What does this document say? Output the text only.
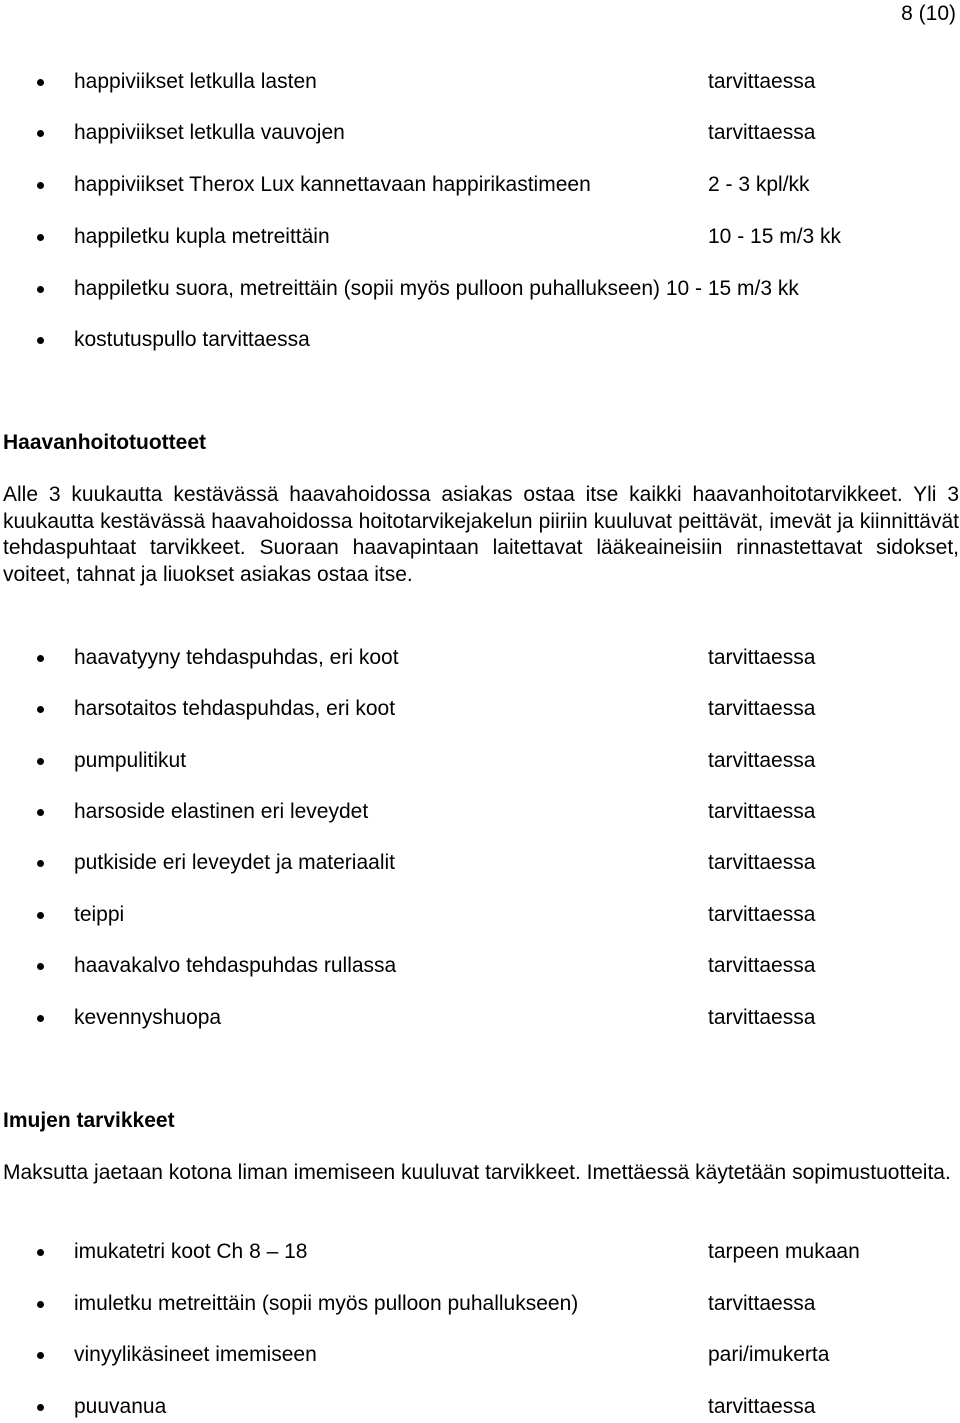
8 (10)
happiviikset letkulla lasten	tarvittaessa
happiviikset letkulla vauvojen	tarvittaessa
happiviikset Therox Lux kannettavaan happirikastimeen	2 - 3 kpl/kk
happiletku kupla metreittäin	10 - 15 m/3 kk
happiletku suora, metreittäin (sopii myös pulloon puhallukseen) 10 - 15 m/3 kk
kostutuspullo tarvittaessa
Haavanhoitotuotteet

Alle 3 kuukautta kestävässä haavahoidossa asiakas ostaa itse kaikki haavanhoitotarvikkeet. Yli 3 kuukautta kestävässä haavahoidossa hoitotarvikejakelun piiriin kuuluvat peittävät, imevät ja kiinnittävät tehdaspuhtaat tarvikkeet. Suoraan haavapintaan laitettavat lääkeaineisiin rinnastettavat sidokset, voiteet, tahnat ja liuokset asiakas ostaa itse.

haavatyyny tehdaspuhdas, eri koot	tarvittaessa
harsotaitos tehdaspuhdas, eri koot	tarvittaessa
pumpulitikut	tarvittaessa
harsoside elastinen eri leveydet	tarvittaessa
putkiside eri leveydet ja materiaalit	tarvittaessa
teippi	tarvittaessa
haavakalvo tehdaspuhdas rullassa	tarvittaessa
kevennyshuopa	tarvittaessa
Imujen tarvikkeet

Maksutta jaetaan kotona liman imemiseen kuuluvat tarvikkeet. Imettäessä käytetään sopimustuotteita.

imukatetri koot Ch 8 – 18	tarpeen mukaan
imuletku metreittäin (sopii myös pulloon puhallukseen)	tarvittaessa
vinyylikäsineet imemiseen	pari/imukerta
puuvanua	tarvittaessa
